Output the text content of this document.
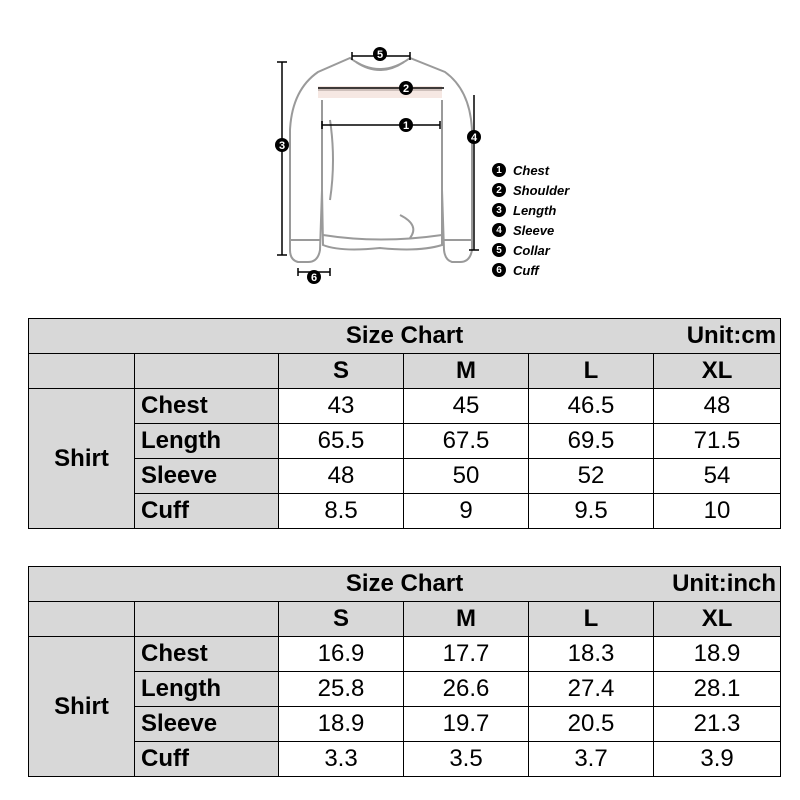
5
2
1
3
4
6
1 Chest
2 Shoulder
3 Length
4 Sleeve
5 Collar
6 Cuff
Size Chart Unit:cm					

		S	M	L	XL
Shirt	Chest	43	45	46.5	48
	Length	65.5	67.5	69.5	71.5
	Sleeve	48	50	52	54
	Cuff	8.5	9	9.5	10
Size Chart Unit:inch					

		S	M	L	XL
Shirt	Chest	16.9	17.7	18.3	18.9
	Length	25.8	26.6	27.4	28.1
	Sleeve	18.9	19.7	20.5	21.3
	Cuff	3.3	3.5	3.7	3.9
